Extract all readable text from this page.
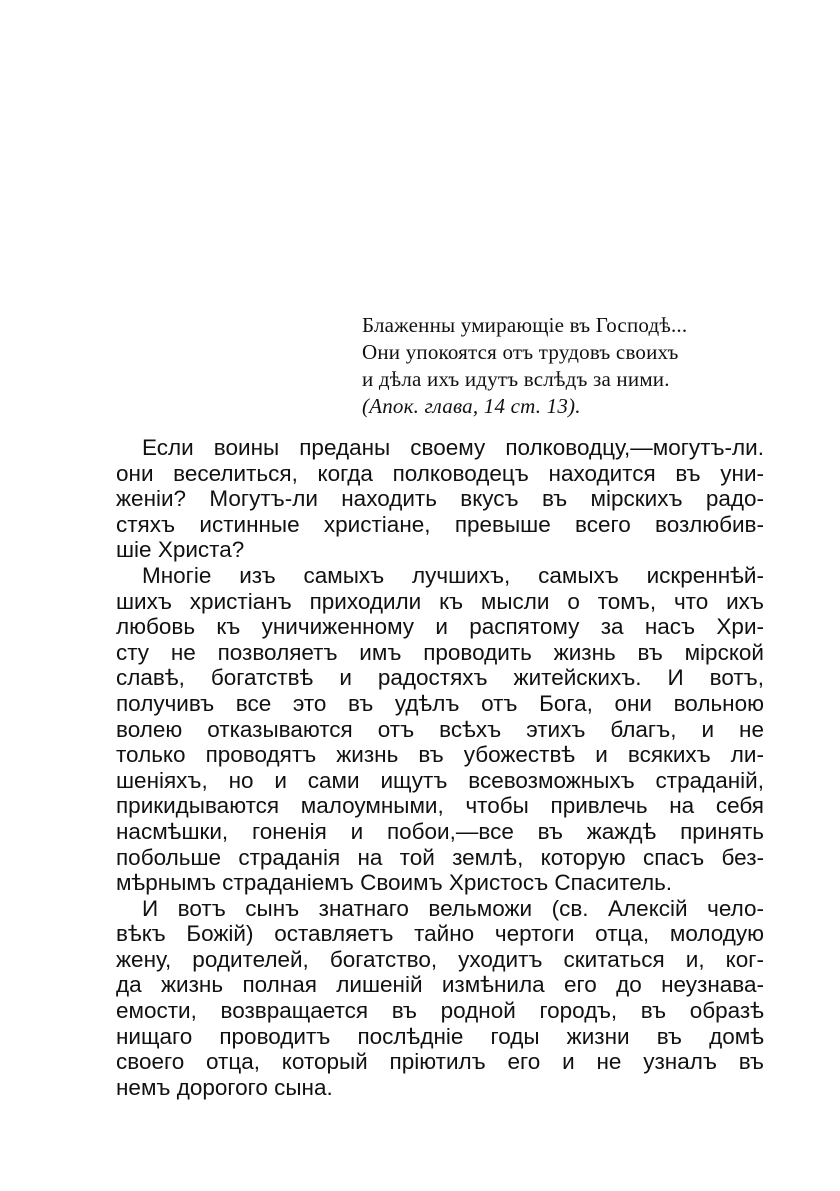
Блаженны умирающіе въ Господѣ...
Они упокоятся отъ трудовъ своихъ
и дѣла ихъ идутъ вслѣдъ за ними.
(Апок. глава, 14 ст. 13).
Если воины преданы своему полководцу,—могутъ-ли.
они веселиться, когда полководецъ находится въ уни-
женіи? Могутъ-ли находить вкусъ въ мірскихъ радо-
стяхъ истинные христіане, превыше всего возлюбив-
шіе Христа?
Многіе изъ самыхъ лучшихъ, самыхъ искреннѣй-
шихъ христіанъ приходили къ мысли о томъ, что ихъ
любовь къ уничиженному и распятому за насъ Хри-
сту не позволяетъ имъ проводить жизнь въ мірской
славѣ, богатствѣ и радостяхъ житейскихъ. И вотъ,
получивъ все это въ удѣлъ отъ Бога, они вольною
волею отказываются отъ всѣхъ этихъ благъ, и не
только проводятъ жизнь въ убожествѣ и всякихъ ли-
шеніяхъ, но и сами ищутъ всевозможныхъ страданій,
прикидываются малоумными, чтобы привлечь на себя
насмѣшки, гоненія и побои,—все въ жаждѣ принять
побольше страданія на той землѣ, которую спасъ без-
мѣрнымъ страданіемъ Своимъ Христосъ Спаситель.
И вотъ сынъ знатнаго вельможи (св. Алексій чело-
вѣкъ Божій) оставляетъ тайно чертоги отца, молодую
жену, родителей, богатство, уходитъ скитаться и, ког-
да жизнь полная лишеній измѣнила его до неузнава-
емости, возвращается въ родной городъ, въ образѣ
нищаго проводитъ послѣдніе годы жизни въ домѣ
своего отца, который пріютилъ его и не узналъ въ
немъ дорогого сына.
